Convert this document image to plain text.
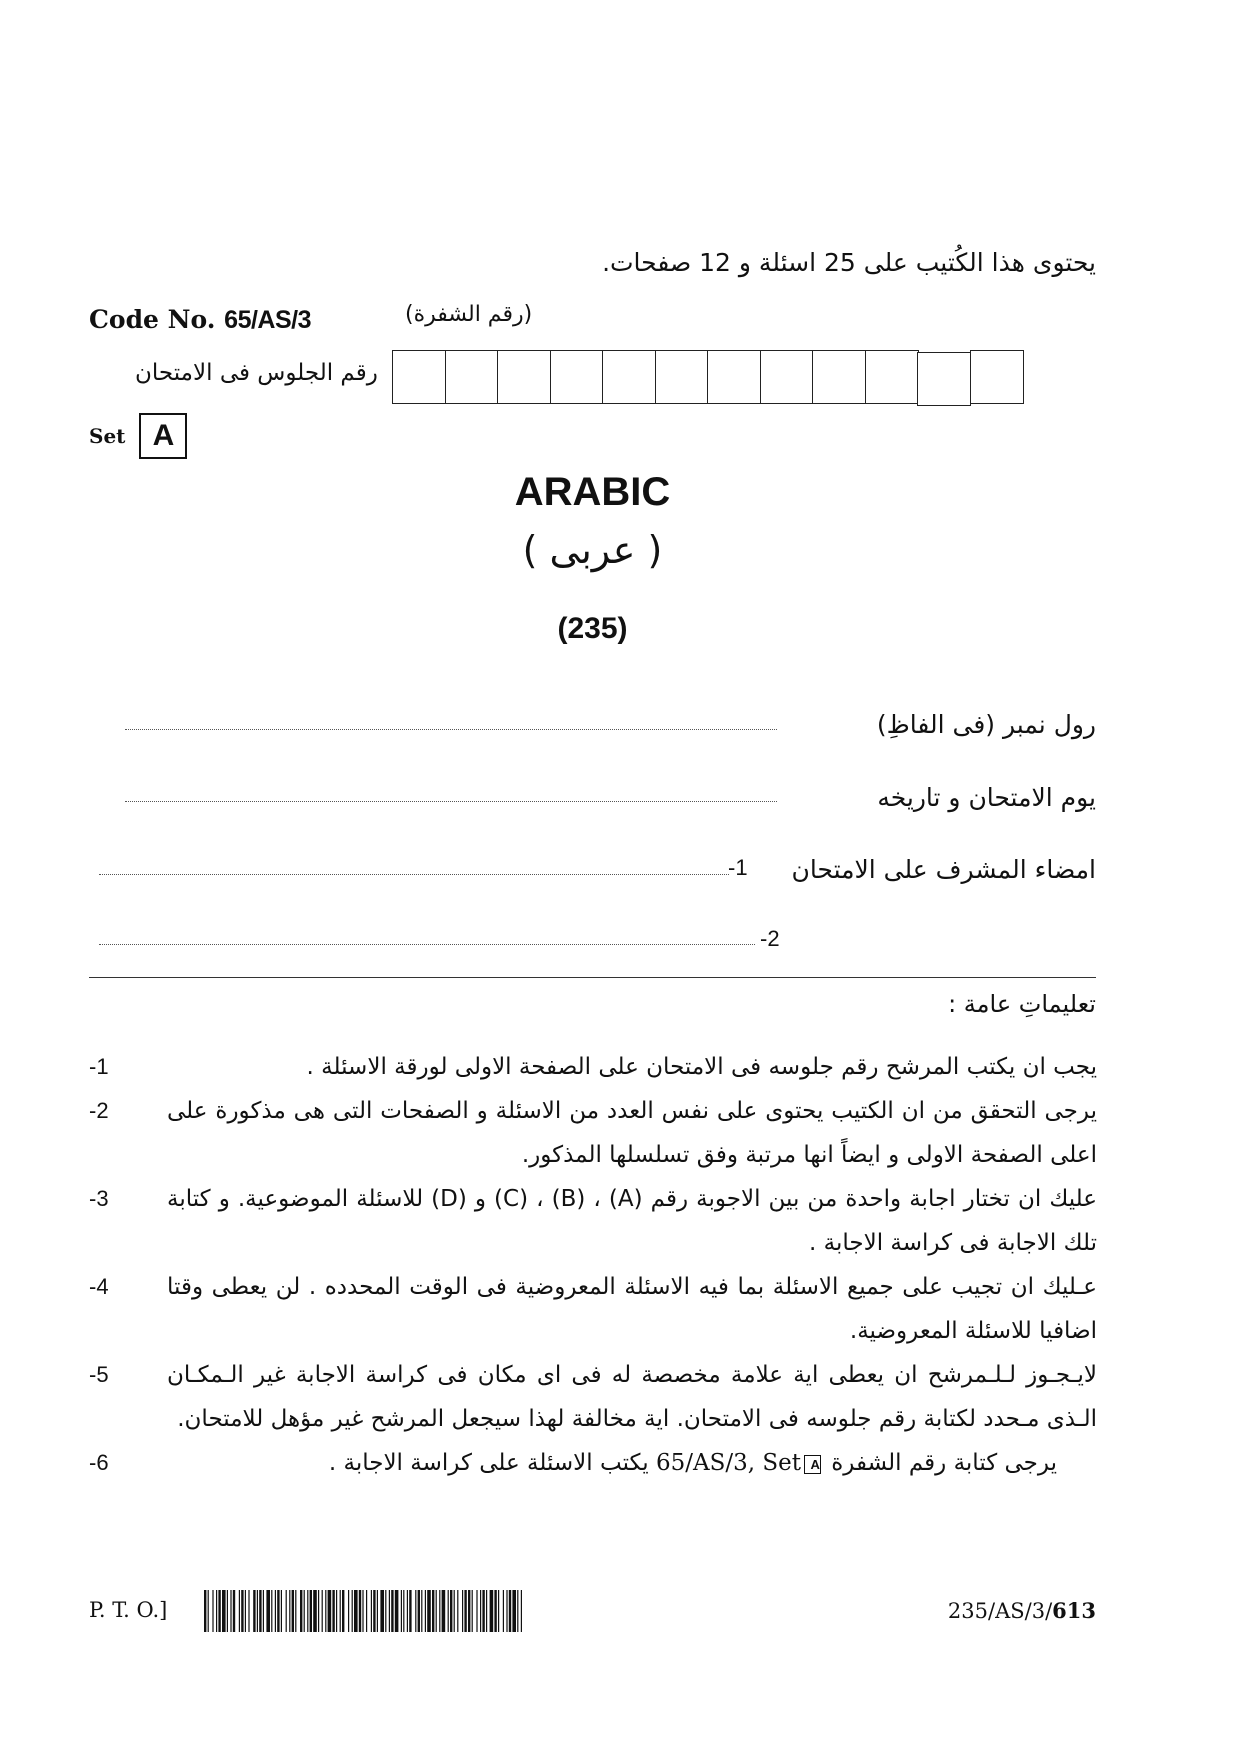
يحتوى هذا الكُتيب على 25 اسئلة و 12 صفحات.
Code No. 65/AS/3	(رقم الشفرة)
رقم الجلوس فى الامتحان
Set A
ARABIC
( عربى )
(235)
رول نمبر (فى الفاظِ)
يوم الامتحان و تاريخه
امضاء المشرف على الامتحان
-1
-2
تعليماتِ عامة :
يجب ان يكتب المرشح رقم جلوسه فى الامتحان على الصفحة الاولى لورقة الاسئلة .
-1
يرجى التحقق من ان الكتيب يحتوى على نفس العدد من الاسئلة و الصفحات التى هى مذكورة على اعلى الصفحة الاولى و ايضاً انها مرتبة وفق تسلسلها المذكور.
-2
عليك ان تختار اجابة واحدة من بين الاجوبة رقم (A) ، (B) ، (C) و (D) للاسئلة الموضوعية. و كتابة تلك الاجابة فى كراسة الاجابة .
-3
عـليك ان تجيب على جميع الاسئلة بما فيه الاسئلة المعروضية فى الوقت المحدده . لن يعطى وقتا اضافيا للاسئلة المعروضية.
-4
لايـجـوز لـلـمرشح ان يعطى اية علامة مخصصة له فى اى مكان فى كراسة الاجابة غير الـمكـان الـذى مـحدد لكتابة رقم جلوسه فى الامتحان. اية مخالفة لهذا سيجعل المرشح غير مؤهل للامتحان.
-5
يرجى كتابة رقم الشفرة 65/AS/3, Set A يكتب الاسئلة على كراسة الاجابة .
-6
P. T. O.]	235/AS/3/613
